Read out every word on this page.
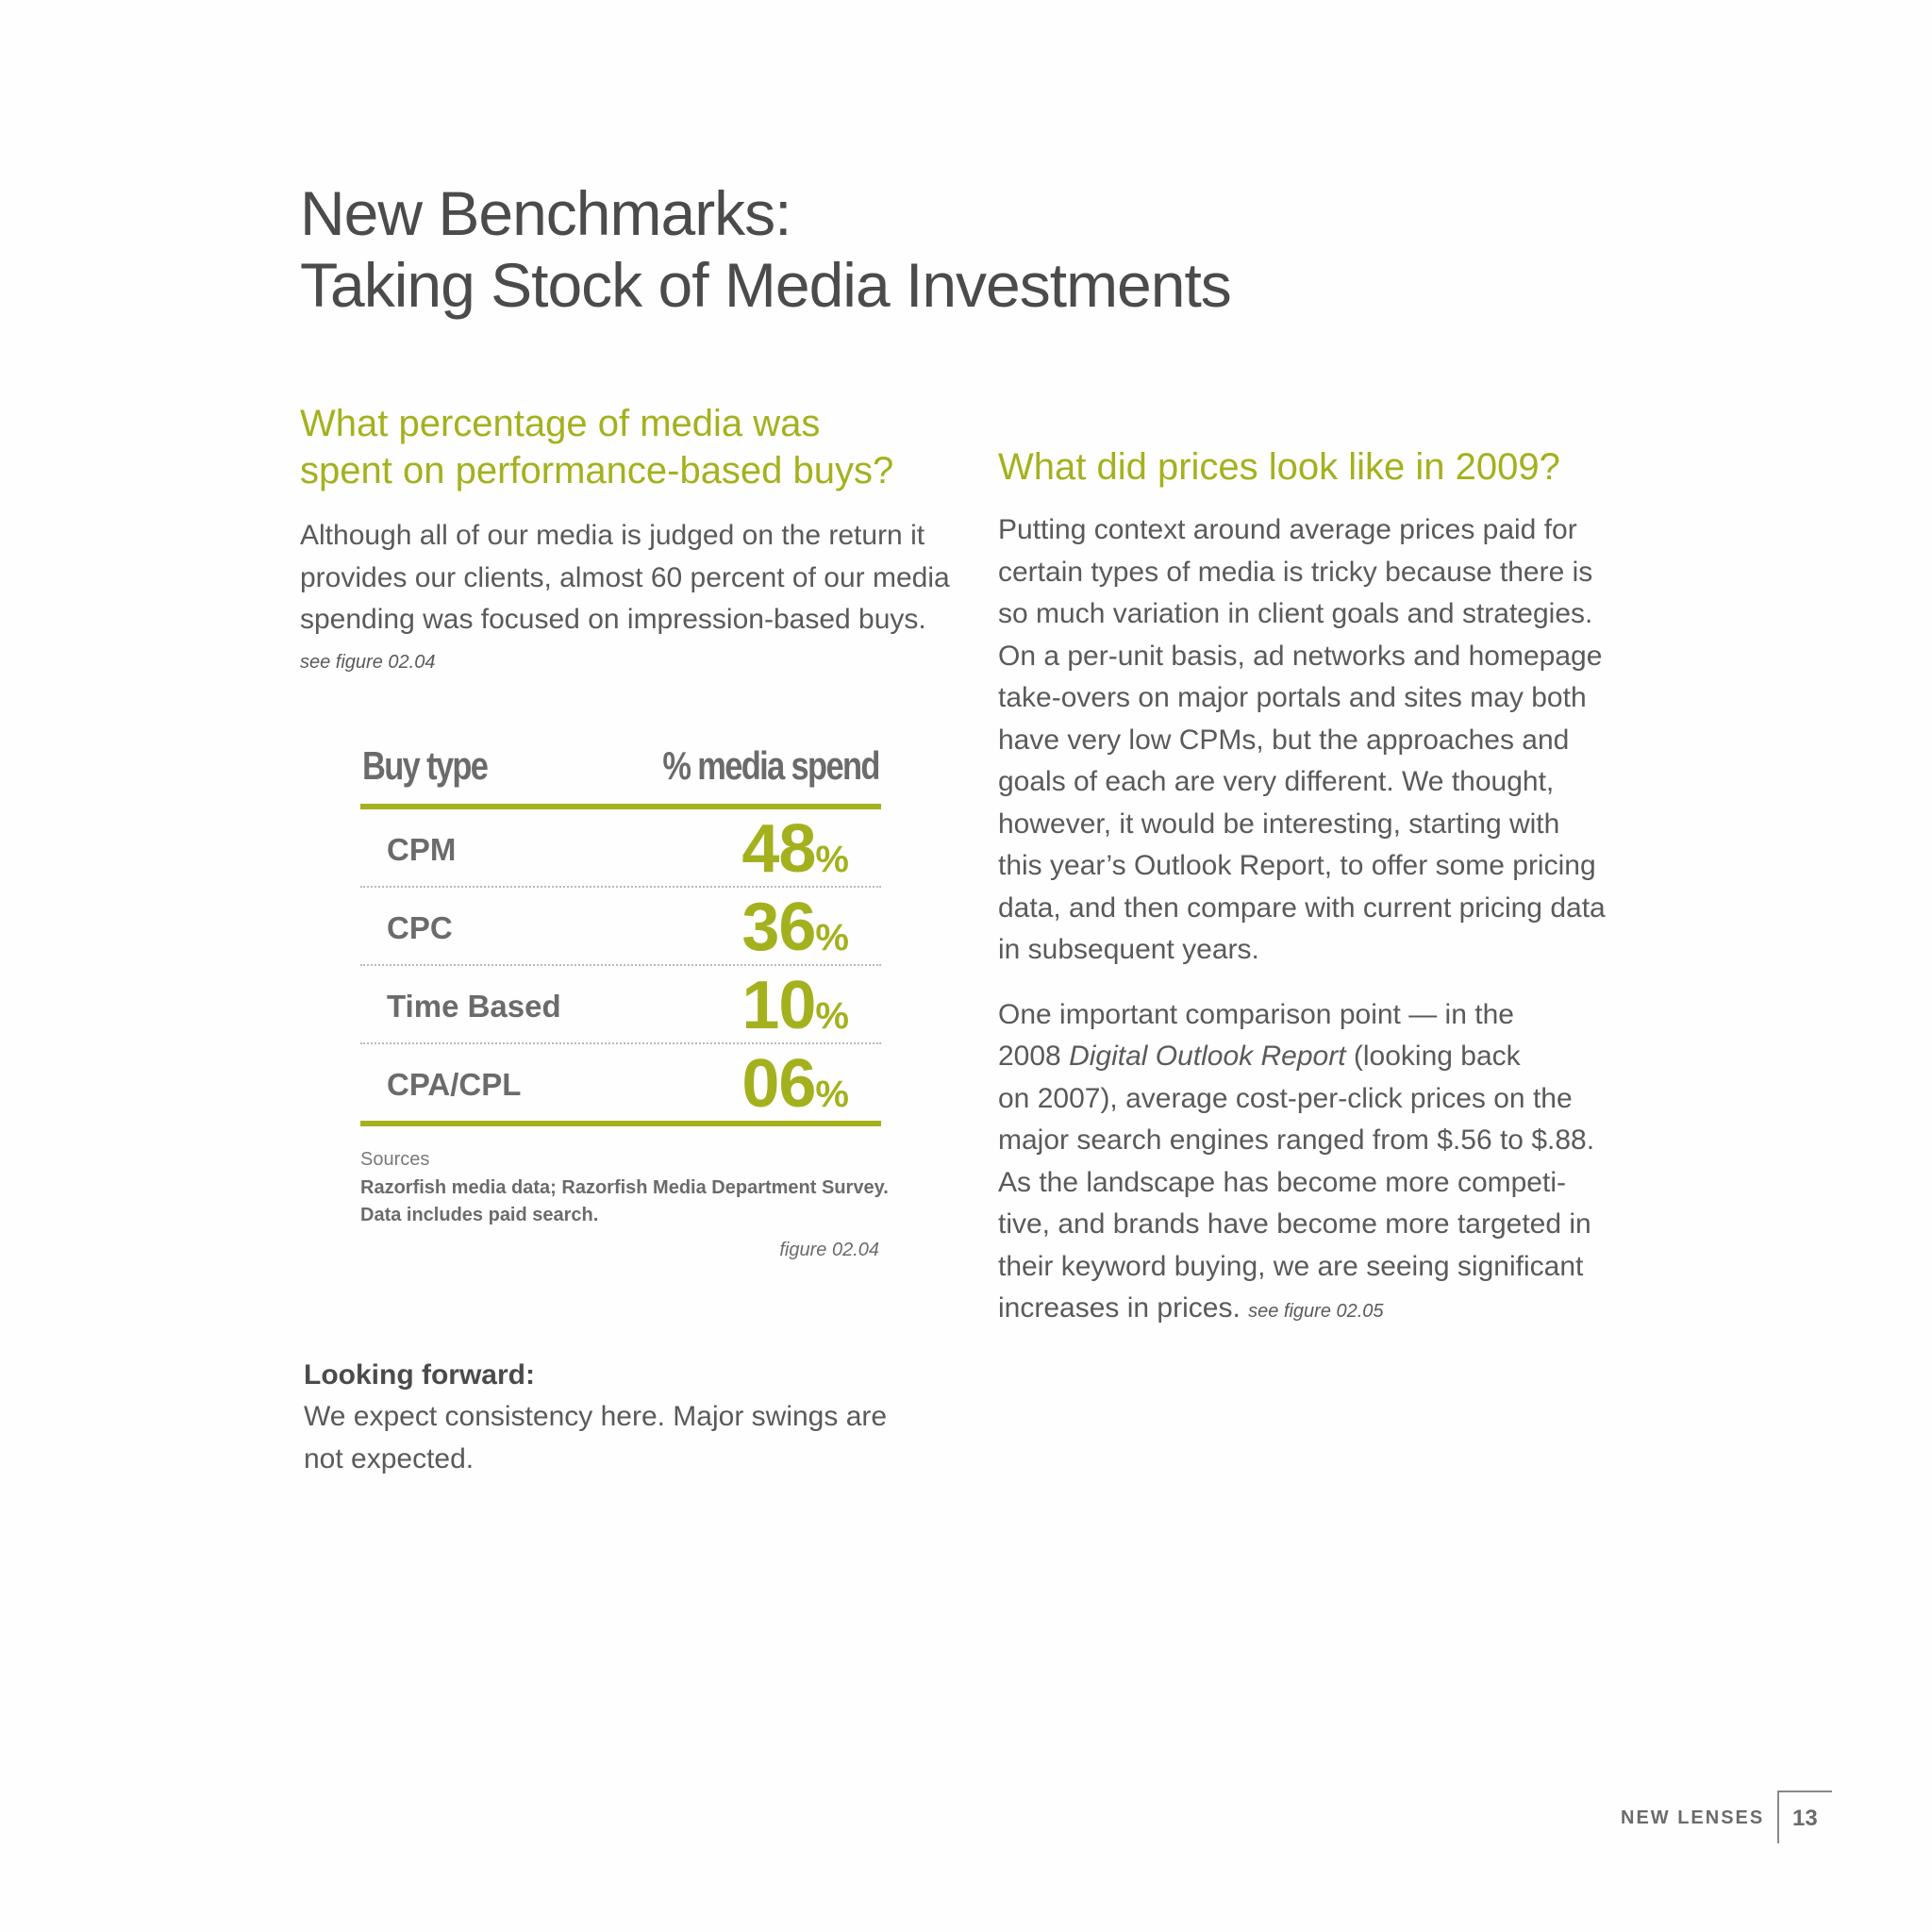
New Benchmarks:
Taking Stock of Media Investments
What percentage of media was
spent on performance-based buys?

Although all of our media is judged on the return it
provides our clients, almost 60 percent of our media
spending was focused on impression-based buys.
see figure 02.04

Buy type	% media spend
CPM	48%
CPC	36%
Time Based	10%
CPA/CPL	06%
Sources
Razorfish media data; Razorfish Media Department Survey.
Data includes paid search.
figure 02.04
Looking forward:

We expect consistency here. Major swings are
not expected.

What did prices look like in 2009?

Putting context around average prices paid for
certain types of media is tricky because there is
so much variation in client goals and strategies.
On a per-unit basis, ad networks and homepage
take-overs on major portals and sites may both
have very low CPMs, but the approaches and
goals of each are very different. We thought,
however, it would be interesting, starting with
this year’s Outlook Report, to offer some pricing
data, and then compare with current pricing data
in subsequent years.

One important comparison point — in the
2008 Digital Outlook Report (looking back
on 2007), average cost-per-click prices on the
major search engines ranged from $.56 to $.88.
As the landscape has become more competi-
tive, and brands have become more targeted in
their keyword buying, we are seeing significant
increases in prices. see figure 02.05

NEW LENSES 13
